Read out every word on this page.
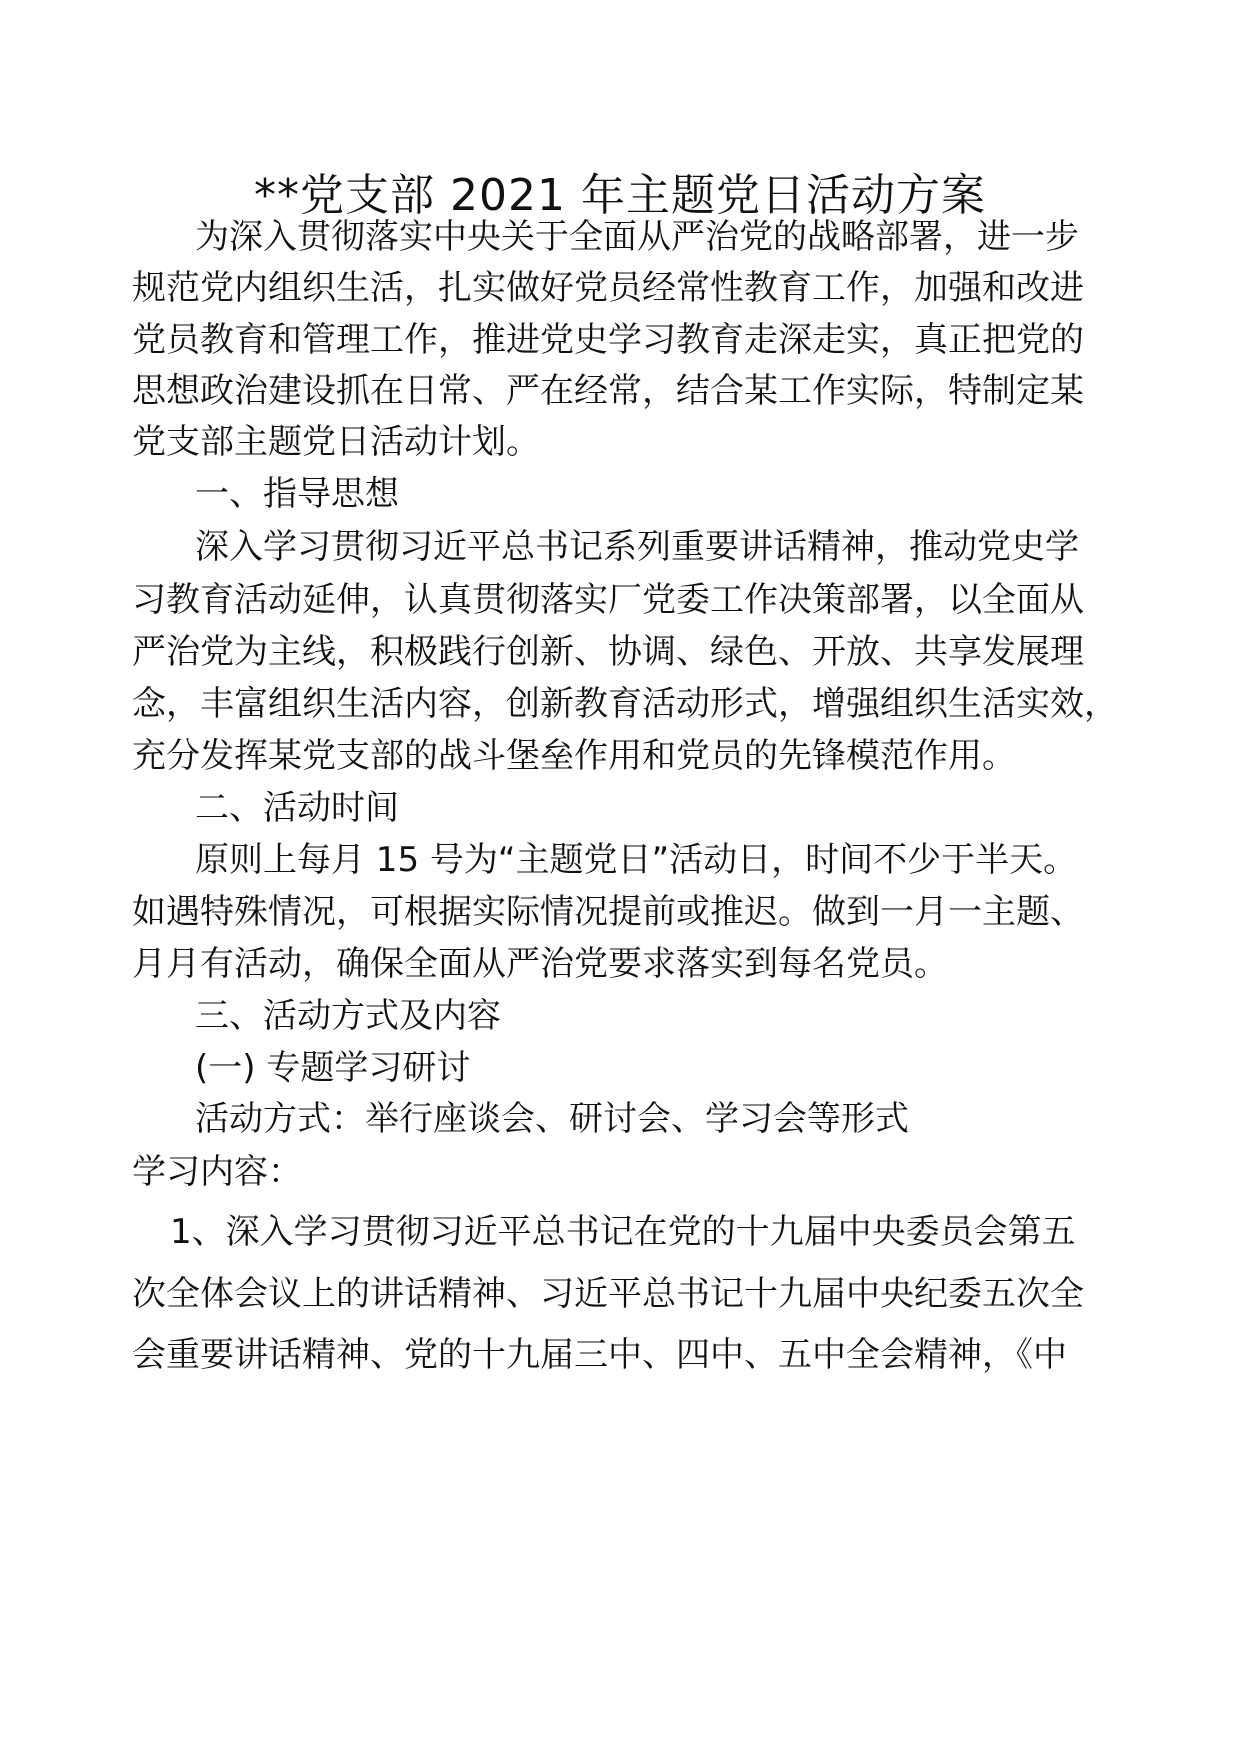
**党支部 2021 年主题党日活动方案
为深入贯彻落实中央关于全面从严治党的战略部署，进一步
规范党内组织生活，扎实做好党员经常性教育工作，加强和改进
党员教育和管理工作，推进党史学习教育走深走实，真正把党的
思想政治建设抓在日常、严在经常，结合某工作实际，特制定某
党支部主题党日活动计划。
一、指导思想
深入学习贯彻习近平总书记系列重要讲话精神，推动党史学
习教育活动延伸，认真贯彻落实厂党委工作决策部署，以全面从
严治党为主线，积极践行创新、协调、绿色、开放、共享发展理
念，丰富组织生活内容，创新教育活动形式，增强组织生活实效，
充分发挥某党支部的战斗堡垒作用和党员的先锋模范作用。
二、活动时间
原则上每月 15 号为“主题党日”活动日，时间不少于半天。
如遇特殊情况，可根据实际情况提前或推迟。做到一月一主题、
月月有活动，确保全面从严治党要求落实到每名党员。
三、活动方式及内容
(一) 专题学习研讨
活动方式：举行座谈会、研讨会、学习会等形式
学习内容：
1、深入学习贯彻习近平总书记在党的十九届中央委员会第五
次全体会议上的讲话精神、习近平总书记十九届中央纪委五次全
会重要讲话精神、党的十九届三中、四中、五中全会精神，《中
